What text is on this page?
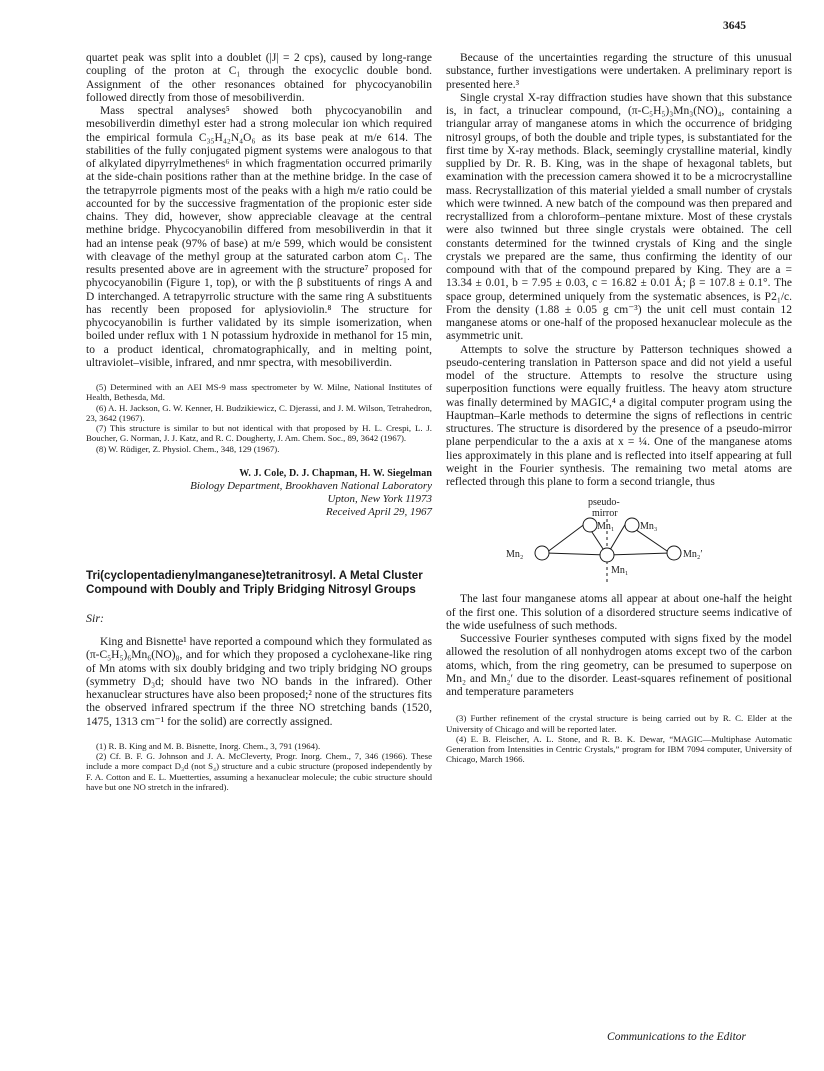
3645

quartet peak was split into a doublet (|J| = 2 cps), caused by long-range coupling of the proton at C₁ through the exocyclic double bond. Assignment of the other resonances obtained for phycocyanobilin followed directly from those of mesobiliverdin.

Mass spectral analyses⁵ showed both phycocyanobilin and mesobiliverdin dimethyl ester had a strong molecular ion which required the empirical formula C₃₅H₄₂N₄O₆ as its base peak at m/e 614. The stabilities of the fully conjugated pigment systems were analogous to that of alkylated dipyrrylmethenes⁶ in which fragmentation occurred primarily at the side-chain positions rather than at the methine bridge. In the case of the tetrapyrrole pigments most of the peaks with a high m/e ratio could be accounted for by the successive fragmentation of the propionic ester side chains. They did, however, show appreciable cleavage at the central methine bridge. Phycocyanobilin differed from mesobiliverdin in that it had an intense peak (97% of base) at m/e 599, which would be consistent with cleavage of the methyl group at the saturated carbon atom C₁. The results presented above are in agreement with the structure⁷ proposed for phycocyanobilin (Figure 1, top), or with the β substituents of rings A and D interchanged. A tetrapyrrolic structure with the same ring A substituents has recently been proposed for aplysioviolin.⁸ The structure for phycocyanobilin is further validated by its simple isomerization, when boiled under reflux with 1 N potassium hydroxide in methanol for 15 min, to a product identical, chromatographically, and in melting point, ultraviolet–visible, infrared, and nmr spectra, with mesobiliverdin.

(5) Determined with an AEI MS-9 mass spectrometer by W. Milne, National Institutes of Health, Bethesda, Md.

(6) A. H. Jackson, G. W. Kenner, H. Budzikiewicz, C. Djerassi, and J. M. Wilson, Tetrahedron, 23, 3642 (1967).

(7) This structure is similar to but not identical with that proposed by H. L. Crespi, L. J. Boucher, G. Norman, J. J. Katz, and R. C. Dougherty, J. Am. Chem. Soc., 89, 3642 (1967).

(8) W. Rüdiger, Z. Physiol. Chem., 348, 129 (1967).

W. J. Cole, D. J. Chapman, H. W. Siegelman
Biology Department, Brookhaven National Laboratory
Upton, New York 11973
Received April 29, 1967
Tri(cyclopentadienylmanganese)tetranitrosyl. A Metal Cluster Compound with Doubly and Triply Bridging Nitrosyl Groups
Sir:

King and Bisnette¹ have reported a compound which they formulated as (π-C₅H₅)₆Mn₆(NO)₈, and for which they proposed a cyclohexane-like ring of Mn atoms with six doubly bridging and two triply bridging NO groups (symmetry D₃d; should have two NO bands in the infrared). Other hexanuclear structures have also been proposed;² none of the structures fits the observed infrared spectrum if the three NO stretching bands (1520, 1475, 1313 cm⁻¹ for the solid) are correctly assigned.

(1) R. B. King and M. B. Bisnette, Inorg. Chem., 3, 791 (1964).

(2) Cf. B. F. G. Johnson and J. A. McCleverty, Progr. Inorg. Chem., 7, 346 (1966). These include a more compact D₃d (not S₄) structure and a cubic structure (proposed independently by F. A. Cotton and E. L. Muetterties, assuming a hexanuclear molecule; the cubic structure should have but one NO stretch in the infrared).

Because of the uncertainties regarding the structure of this unusual substance, further investigations were undertaken. A preliminary report is presented here.³

Single crystal X-ray diffraction studies have shown that this substance is, in fact, a trinuclear compound, (π-C₅H₅)₃Mn₃(NO)₄, containing a triangular array of manganese atoms in which the occurrence of bridging nitrosyl groups, of both the double and triple types, is substantiated for the first time by X-ray methods. Black, seemingly crystalline material, kindly supplied by Dr. R. B. King, was in the shape of hexagonal tablets, but examination with the precession camera showed it to be a microcrystalline mass. Recrystallization of this material yielded a small number of crystals which were twinned. A new batch of the compound was then prepared and recrystallized from a chloroform–pentane mixture. Most of these crystals were also twinned but three single crystals were obtained. The cell constants determined for the twinned crystals of King and the single crystals we prepared are the same, thus confirming the identity of our compound with that of the compound prepared by King. They are a = 13.34 ± 0.01, b = 7.95 ± 0.03, c = 16.82 ± 0.01 Å; β = 107.8 ± 0.1°. The space group, determined uniquely from the systematic absences, is P2₁/c. From the density (1.88 ± 0.05 g cm⁻³) the unit cell must contain 12 manganese atoms or one-half of the proposed hexanuclear molecule as the asymmetric unit.

Attempts to solve the structure by Patterson techniques showed a pseudo-centering translation in Patterson space and did not yield a useful model of the structure. Attempts to resolve the structure using superposition functions were equally fruitless. The heavy atom structure was finally determined by MAGIC,⁴ a digital computer program using the Hauptman–Karle methods to determine the signs of reflections in centric structures. The structure is disordered by the presence of a pseudo-mirror plane perpendicular to the a axis at x = ¼. One of the manganese atoms lies approximately in this plane and is reflected into itself appearing at full weight in the Fourier synthesis. The remaining two metal atoms are reflected through this plane to form a second triangle, thus

pseudo-
mirror
Mn₁	Mn₃
Mn₂	Mn₂′
Mn₁

The last four manganese atoms all appear at about one-half the height of the first one. This solution of a disordered structure seems indicative of the wide usefulness of such methods.

Successive Fourier syntheses computed with signs fixed by the model allowed the resolution of all nonhydrogen atoms except two of the carbon atoms, which, from the ring geometry, can be presumed to superpose on Mn₂ and Mn₂′ due to the disorder. Least-squares refinement of positional and temperature parameters

(3) Further refinement of the crystal structure is being carried out by R. C. Elder at the University of Chicago and will be reported later.

(4) E. B. Fleischer, A. L. Stone, and R. B. K. Dewar, “MAGIC—Multiphase Automatic Generation from Intensities in Centric Crystals,” program for IBM 7094 computer, University of Chicago, March 1966.

Communications to the Editor
